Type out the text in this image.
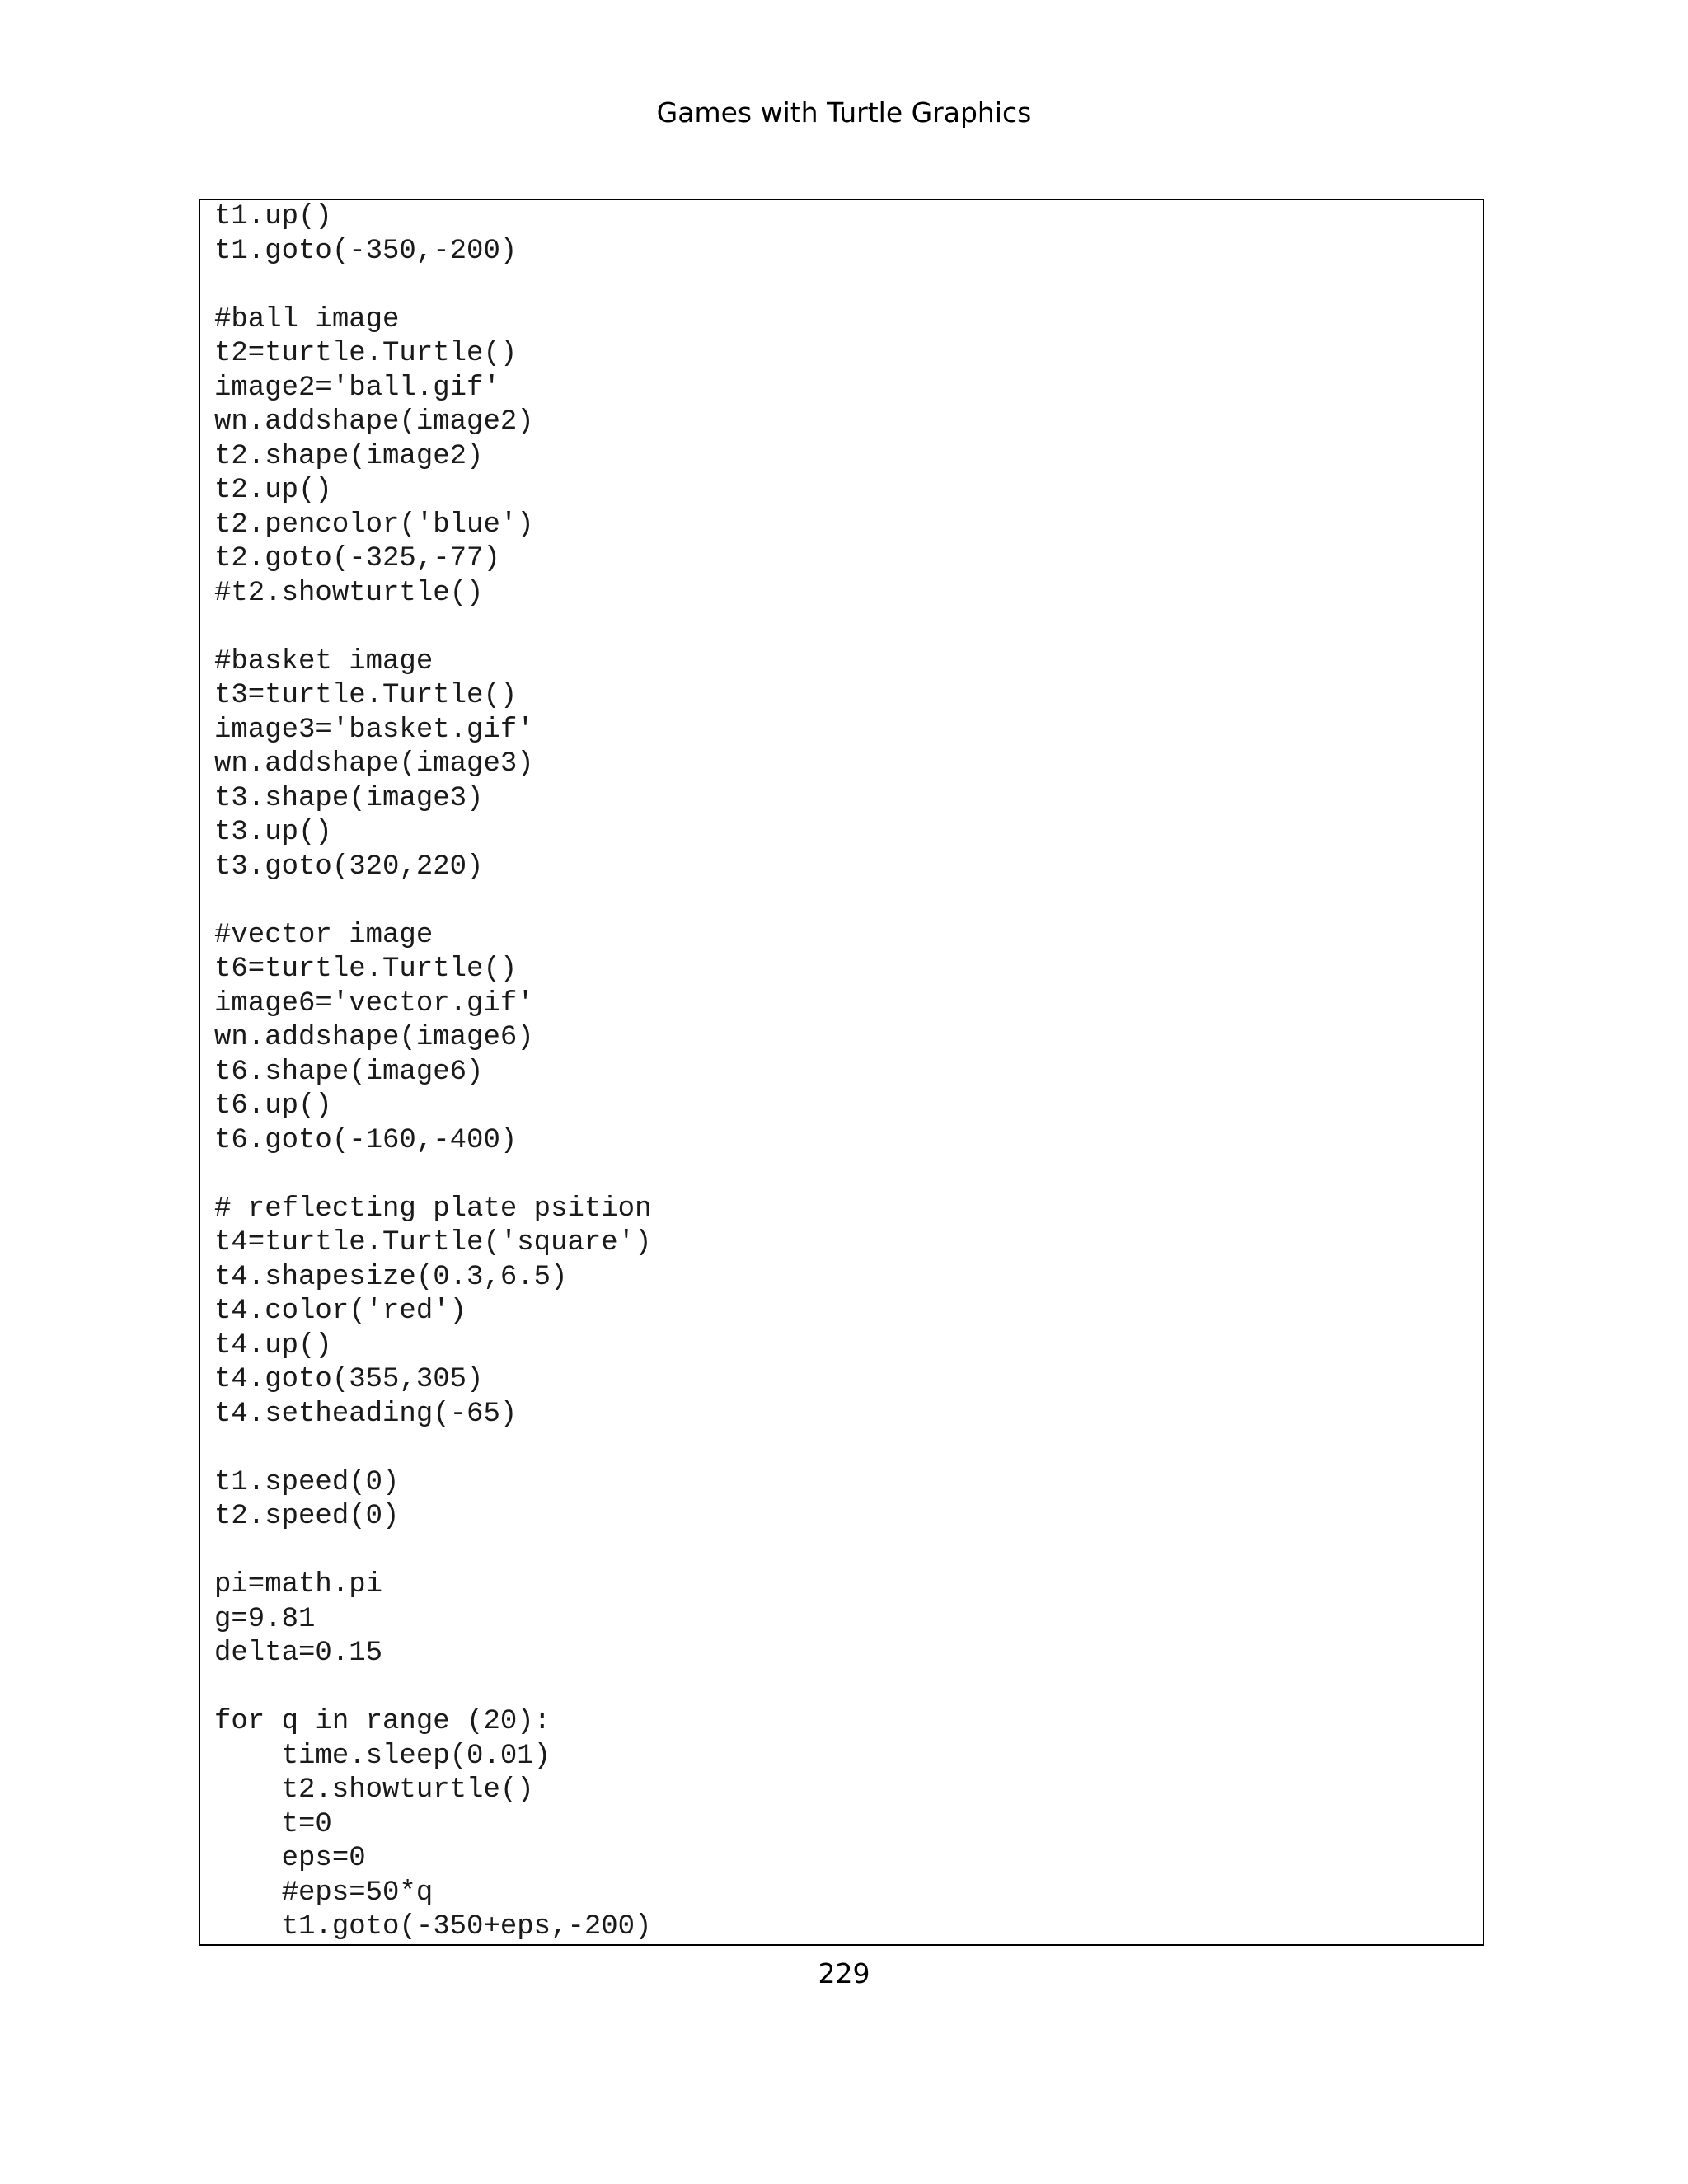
Games with Turtle Graphics
t1.up()
t1.goto(-350,-200)
#ball image
t2=turtle.Turtle()
image2='ball.gif'
wn.addshape(image2)
t2.shape(image2)
t2.up()
t2.pencolor('blue')
t2.goto(-325,-77)
#t2.showturtle()
#basket image
t3=turtle.Turtle()
image3='basket.gif'
wn.addshape(image3)
t3.shape(image3)
t3.up()
t3.goto(320,220)
#vector image
t6=turtle.Turtle()
image6='vector.gif'
wn.addshape(image6)
t6.shape(image6)
t6.up()
t6.goto(-160,-400)
# reflecting plate psition
t4=turtle.Turtle('square')
t4.shapesize(0.3,6.5)
t4.color('red')
t4.up()
t4.goto(355,305)
t4.setheading(-65)
t1.speed(0)
t2.speed(0)
pi=math.pi
g=9.81
delta=0.15
for q in range (20):
time.sleep(0.01)
t2.showturtle()
t=0
eps=0
#eps=50*q
t1.goto(-350+eps,-200)
229
